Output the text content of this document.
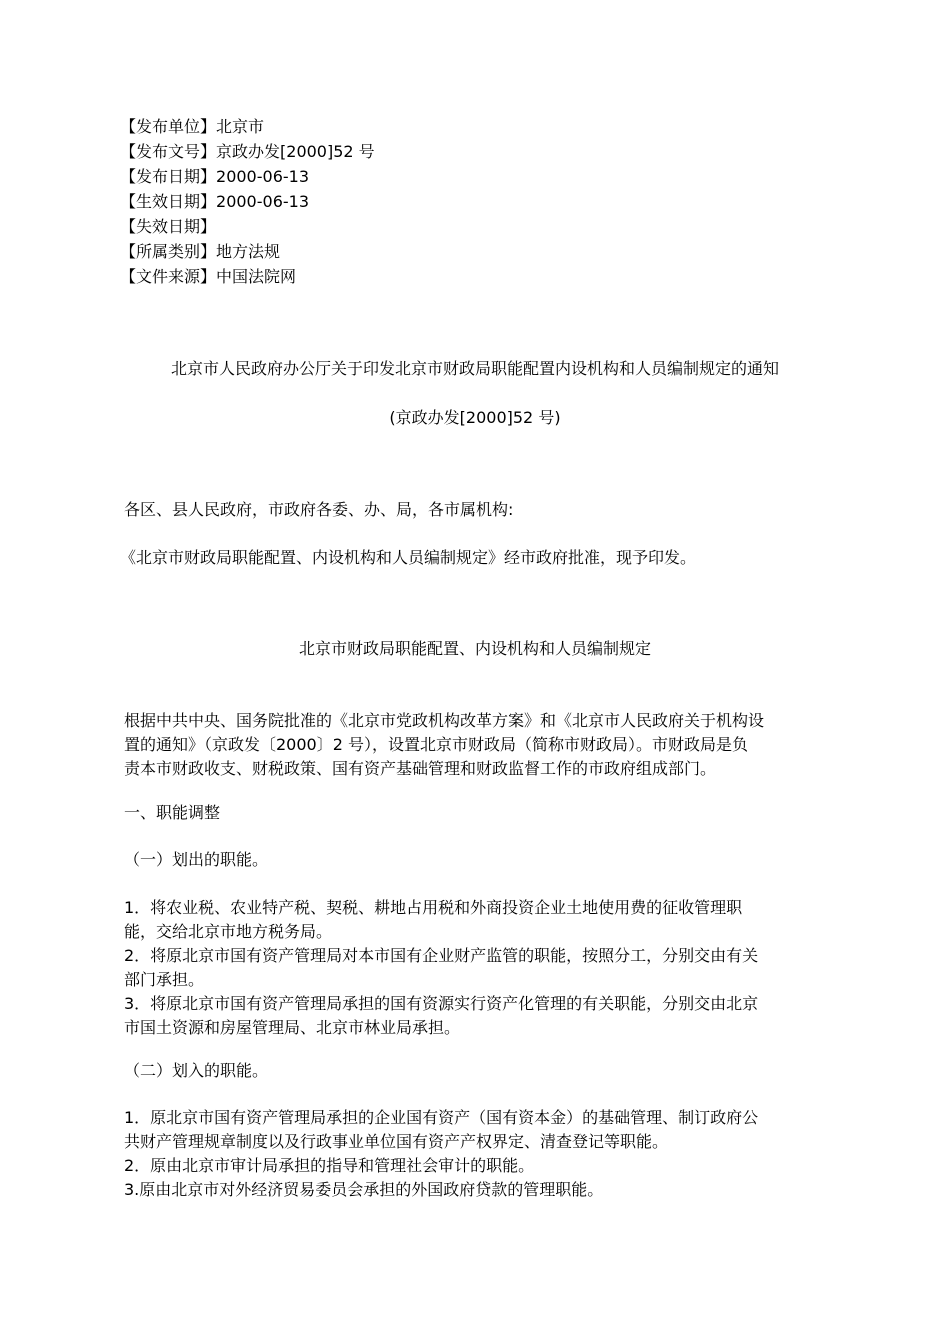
【发布单位】北京市
【发布文号】京政办发[2000]52 号
【发布日期】2000-06-13
【生效日期】2000-06-13
【失效日期】
【所属类别】地方法规
【文件来源】中国法院网
北京市人民政府办公厅关于印发北京市财政局职能配置内设机构和人员编制规定的通知
(京政办发[2000]52 号)
各区、县人民政府，市政府各委、办、局，各市属机构:
《北京市财政局职能配置、内设机构和人员编制规定》经市政府批准，现予印发。
北京市财政局职能配置、内设机构和人员编制规定
根据中共中央、国务院批准的《北京市党政机构改革方案》和《北京市人民政府关于机构设
置的通知》（京政发〔2000〕2 号），设置北京市财政局（简称市财政局）。市财政局是负
责本市财政收支、财税政策、国有资产基础管理和财政监督工作的市政府组成部门。
一、职能调整
（一）划出的职能。
1．将农业税、农业特产税、契税、耕地占用税和外商投资企业土地使用费的征收管理职
能，交给北京市地方税务局。
2．将原北京市国有资产管理局对本市国有企业财产监管的职能，按照分工，分别交由有关
部门承担。
3．将原北京市国有资产管理局承担的国有资源实行资产化管理的有关职能，分别交由北京
市国土资源和房屋管理局、北京市林业局承担。
（二）划入的职能。
1．原北京市国有资产管理局承担的企业国有资产（国有资本金）的基础管理、制订政府公
共财产管理规章制度以及行政事业单位国有资产产权界定、清查登记等职能。
2．原由北京市审计局承担的指导和管理社会审计的职能。
3.原由北京市对外经济贸易委员会承担的外国政府贷款的管理职能。
